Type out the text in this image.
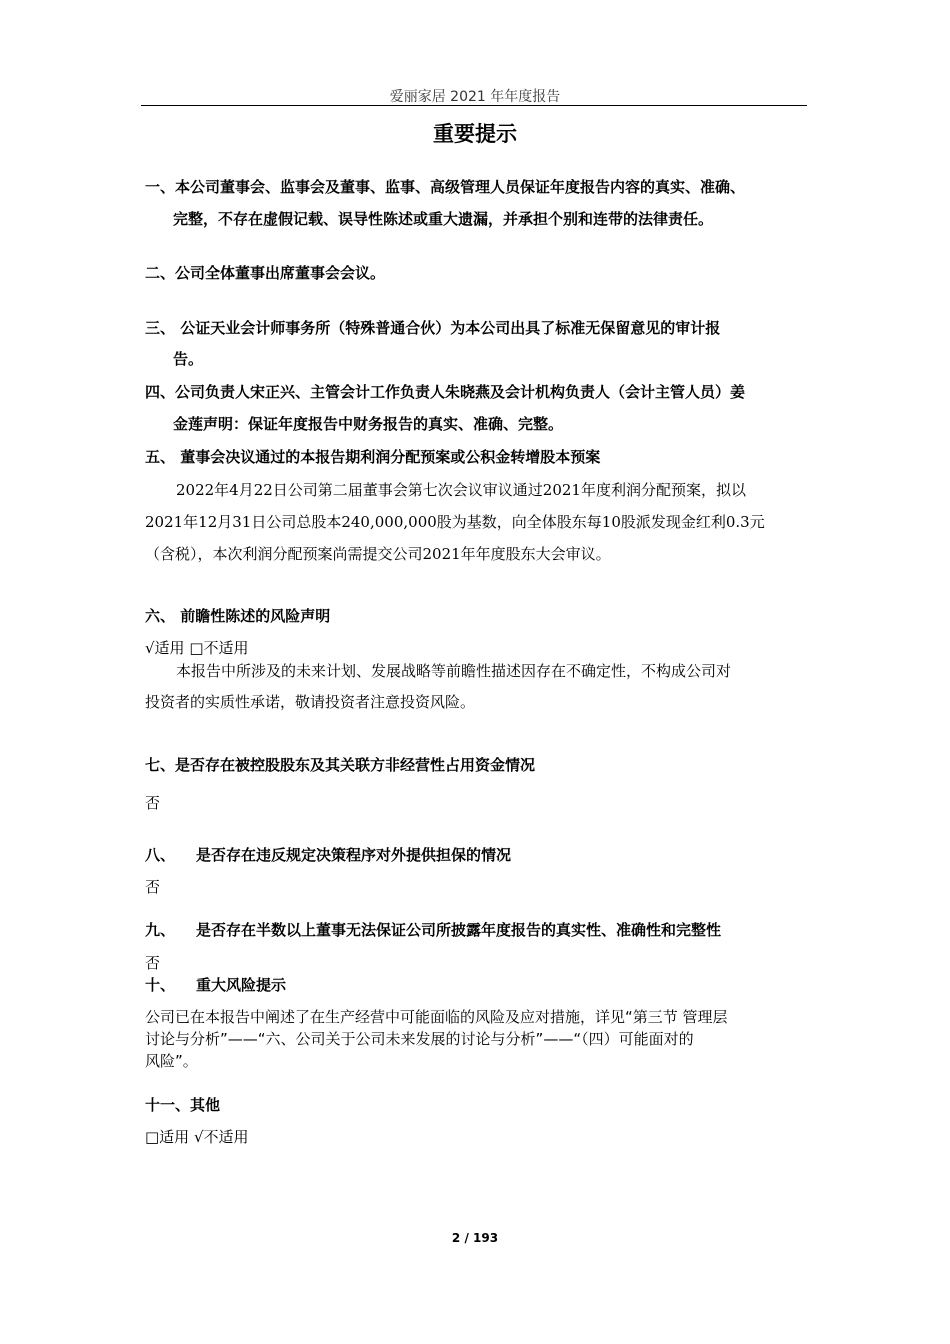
爱丽家居 2021 年年度报告
重要提示
一、本公司董事会、监事会及董事、监事、高级管理人员保证年度报告内容的真实、准确、
完整，不存在虚假记载、误导性陈述或重大遗漏，并承担个别和连带的法律责任。
二、公司全体董事出席董事会会议。
三、 公证天业会计师事务所（特殊普通合伙）为本公司出具了标准无保留意见的审计报
告。
四、公司负责人宋正兴、主管会计工作负责人朱晓燕及会计机构负责人（会计主管人员）姜
金莲声明：保证年度报告中财务报告的真实、准确、完整。
五、 董事会决议通过的本报告期利润分配预案或公积金转增股本预案
2022年4月22日公司第二届董事会第七次会议审议通过2021年度利润分配预案，拟以
2021年12月31日公司总股本240,000,000股为基数，向全体股东每10股派发现金红利0.3元
（含税），本次利润分配预案尚需提交公司2021年年度股东大会审议。
六、 前瞻性陈述的风险声明
√适用 □不适用
本报告中所涉及的未来计划、发展战略等前瞻性描述因存在不确定性，不构成公司对
投资者的实质性承诺，敬请投资者注意投资风险。
七、是否存在被控股股东及其关联方非经营性占用资金情况
否
八、 是否存在违反规定决策程序对外提供担保的情况
否
九、 是否存在半数以上董事无法保证公司所披露年度报告的真实性、准确性和完整性
否
十、 重大风险提示
公司已在本报告中阐述了在生产经营中可能面临的风险及应对措施，详见“第三节 管理层
讨论与分析”——“六、公司关于公司未来发展的讨论与分析”——“（四）可能面对的
风险”。
十一、其他
□适用 √不适用
2 / 193
